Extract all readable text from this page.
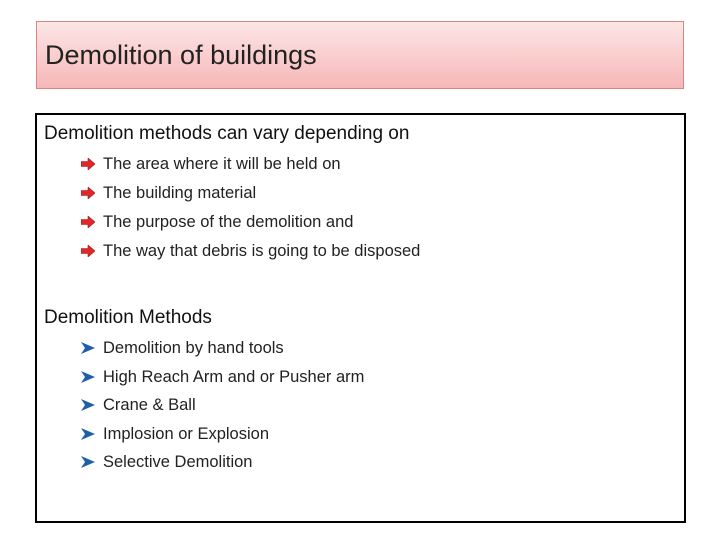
Demolition of buildings
Demolition methods can vary depending on
The area where it will be held on
The building material
The purpose of the demolition and
The way that debris is going to be disposed
Demolition Methods
Demolition by hand tools
High Reach Arm and or Pusher arm
Crane & Ball
Implosion or Explosion
Selective Demolition
